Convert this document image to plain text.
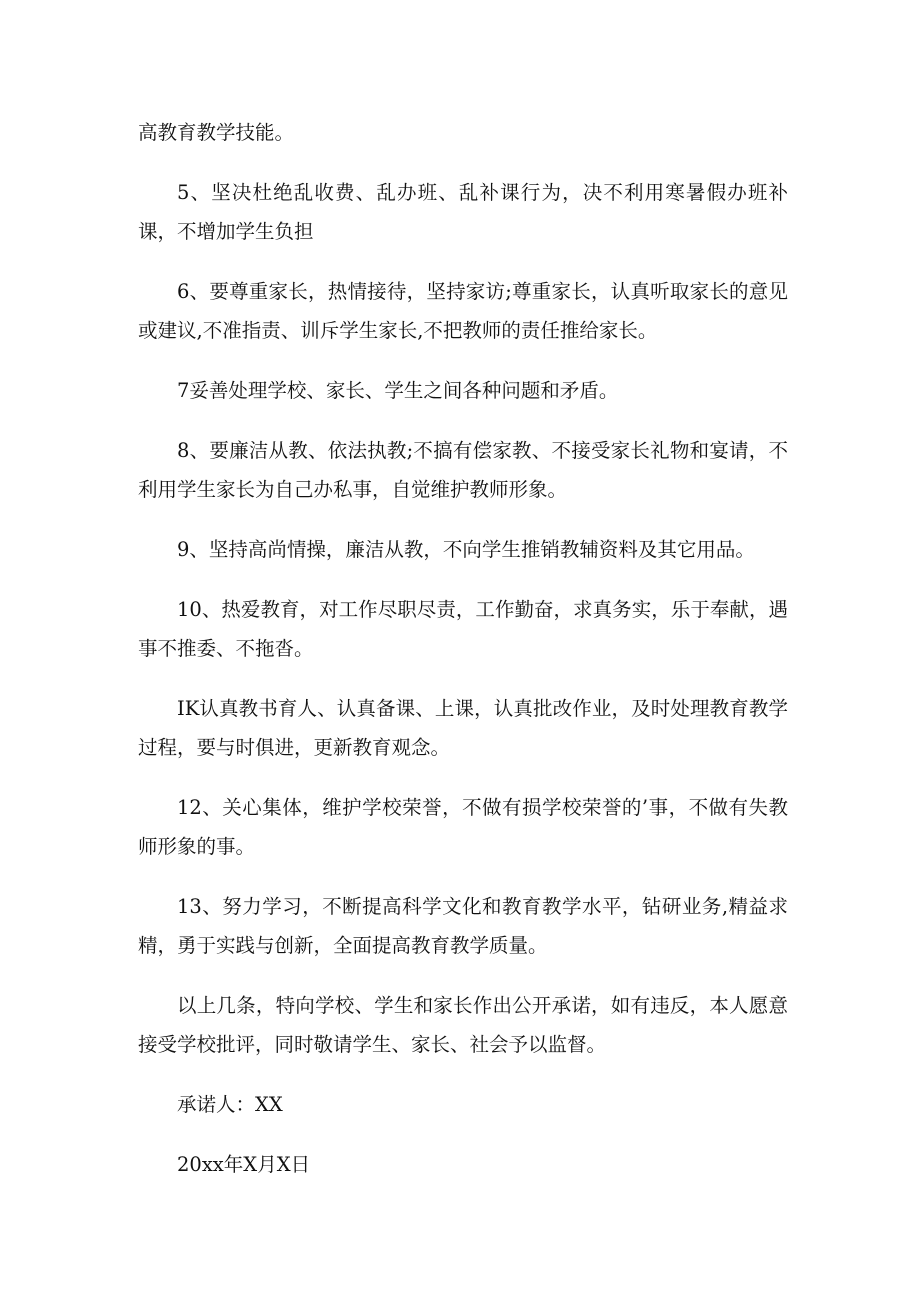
高教育教学技能。

5、坚决杜绝乱收费、乱办班、乱补课行为，决不利用寒暑假办班补课，不增加学生负担

6、要尊重家长，热情接待，坚持家访;尊重家长，认真听取家长的意见或建议,不准指责、训斥学生家长,不把教师的责任推给家长。

7妥善处理学校、家长、学生之间各种问题和矛盾。

8、要廉洁从教、依法执教;不搞有偿家教、不接受家长礼物和宴请，不利用学生家长为自己办私事，自觉维护教师形象。

9、坚持高尚情操，廉洁从教，不向学生推销教辅资料及其它用品。

10、热爱教育，对工作尽职尽责，工作勤奋，求真务实，乐于奉献，遇事不推委、不拖沓。

IK认真教书育人、认真备课、上课，认真批改作业，及时处理教育教学过程，要与时俱进，更新教育观念。

12、关心集体，维护学校荣誉，不做有损学校荣誉的’事，不做有失教师形象的事。

13、努力学习，不断提高科学文化和教育教学水平，钻研业务,精益求精，勇于实践与创新，全面提高教育教学质量。

以上几条，特向学校、学生和家长作出公开承诺，如有违反，本人愿意接受学校批评，同时敬请学生、家长、社会予以监督。

承诺人：XX

20xx年X月X日
